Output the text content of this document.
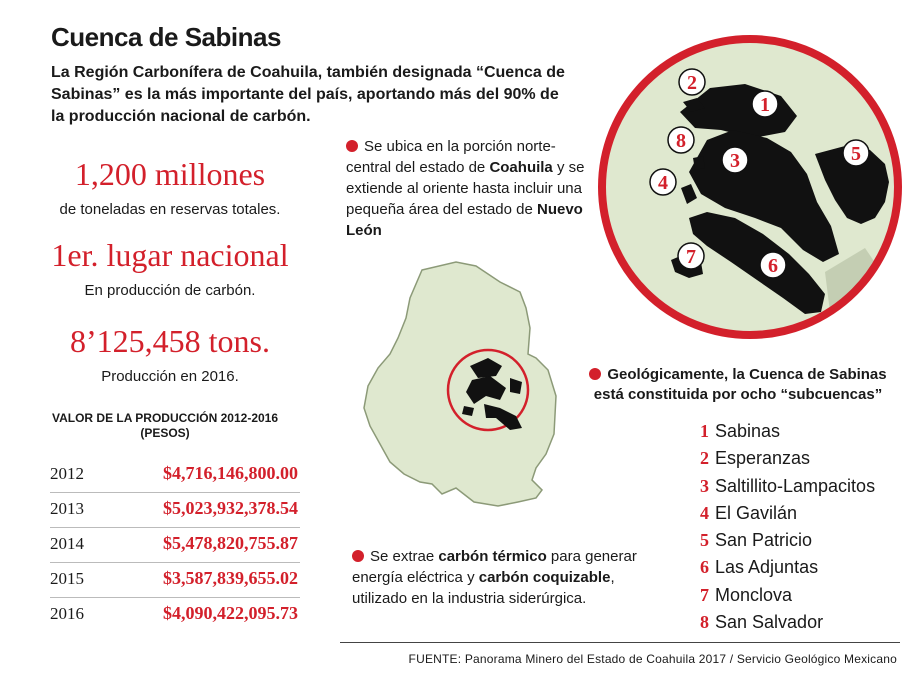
Cuenca de Sabinas
La Región Carbonífera de Coahuila, también designada “Cuenca de Sabinas” es la más importante del país, aportando más del 90% de la producción nacional de carbón.
1,200 millones
de toneladas en reservas totales.
1er. lugar nacional
En producción de carbón.
8’125,458 tons.
Producción en 2016.
VALOR DE LA PRODUCCIÓN 2012-2016
(PESOS)
2012	$4,716,146,800.00
2013	$5,023,932,378.54
2014	$5,478,820,755.87
2015	$3,587,839,655.02
2016	$4,090,422,095.73
Se ubica en la porción norte-central del estado de Coahuila y se extiende al oriente hasta incluir una pequeña área del estado de Nuevo León
Se extrae carbón térmico para generar energía eléctrica y carbón coquizable, utilizado en la industria siderúrgica.
Geológicamente, la Cuenca de Sabinas está constituida por ocho “subcuencas”
1 Sabinas
2 Esperanzas
3 Saltillito-Lampacitos
4 El Gavilán
5 San Patricio
6 Las Adjuntas
7 Monclova
8 San Salvador
1
2
3
4
5
6
7
8
FUENTE: Panorama Minero del Estado de Coahuila 2017 / Servicio Geológico Mexicano
